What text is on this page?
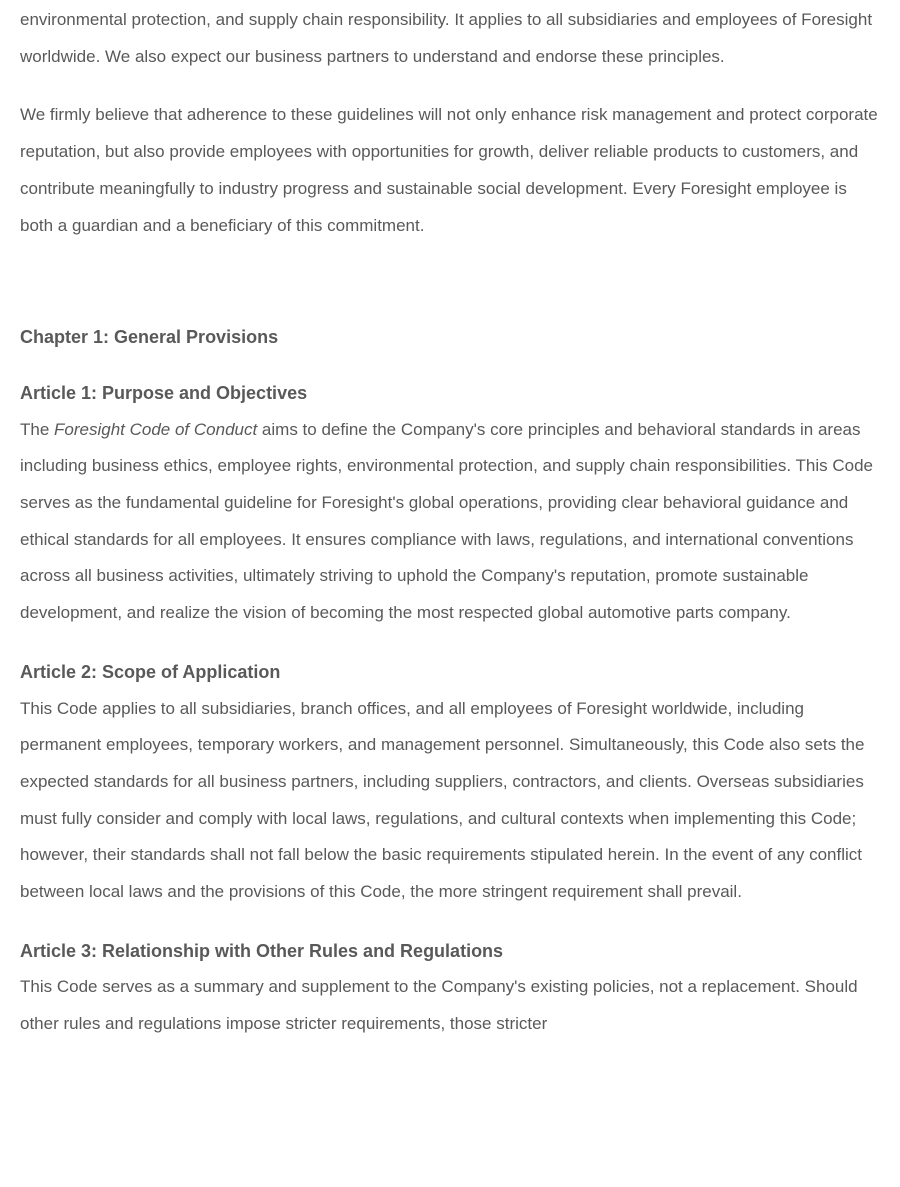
environmental protection, and supply chain responsibility. It applies to all subsidiaries and employees of Foresight worldwide. We also expect our business partners to understand and endorse these principles.

We firmly believe that adherence to these guidelines will not only enhance risk management and protect corporate reputation, but also provide employees with opportunities for growth, deliver reliable products to customers, and contribute meaningfully to industry progress and sustainable social development. Every Foresight employee is both a guardian and a beneficiary of this commitment.

Chapter 1: General Provisions
Article 1: Purpose and Objectives

The Foresight Code of Conduct aims to define the Company's core principles and behavioral standards in areas including business ethics, employee rights, environmental protection, and supply chain responsibilities. This Code serves as the fundamental guideline for Foresight's global operations, providing clear behavioral guidance and ethical standards for all employees. It ensures compliance with laws, regulations, and international conventions across all business activities, ultimately striving to uphold the Company's reputation, promote sustainable development, and realize the vision of becoming the most respected global automotive parts company.

Article 2: Scope of Application

This Code applies to all subsidiaries, branch offices, and all employees of Foresight worldwide, including permanent employees, temporary workers, and management personnel. Simultaneously, this Code also sets the expected standards for all business partners, including suppliers, contractors, and clients. Overseas subsidiaries must fully consider and comply with local laws, regulations, and cultural contexts when implementing this Code; however, their standards shall not fall below the basic requirements stipulated herein. In the event of any conflict between local laws and the provisions of this Code, the more stringent requirement shall prevail.

Article 3: Relationship with Other Rules and Regulations

This Code serves as a summary and supplement to the Company's existing policies, not a replacement. Should other rules and regulations impose stricter requirements, those stricter
